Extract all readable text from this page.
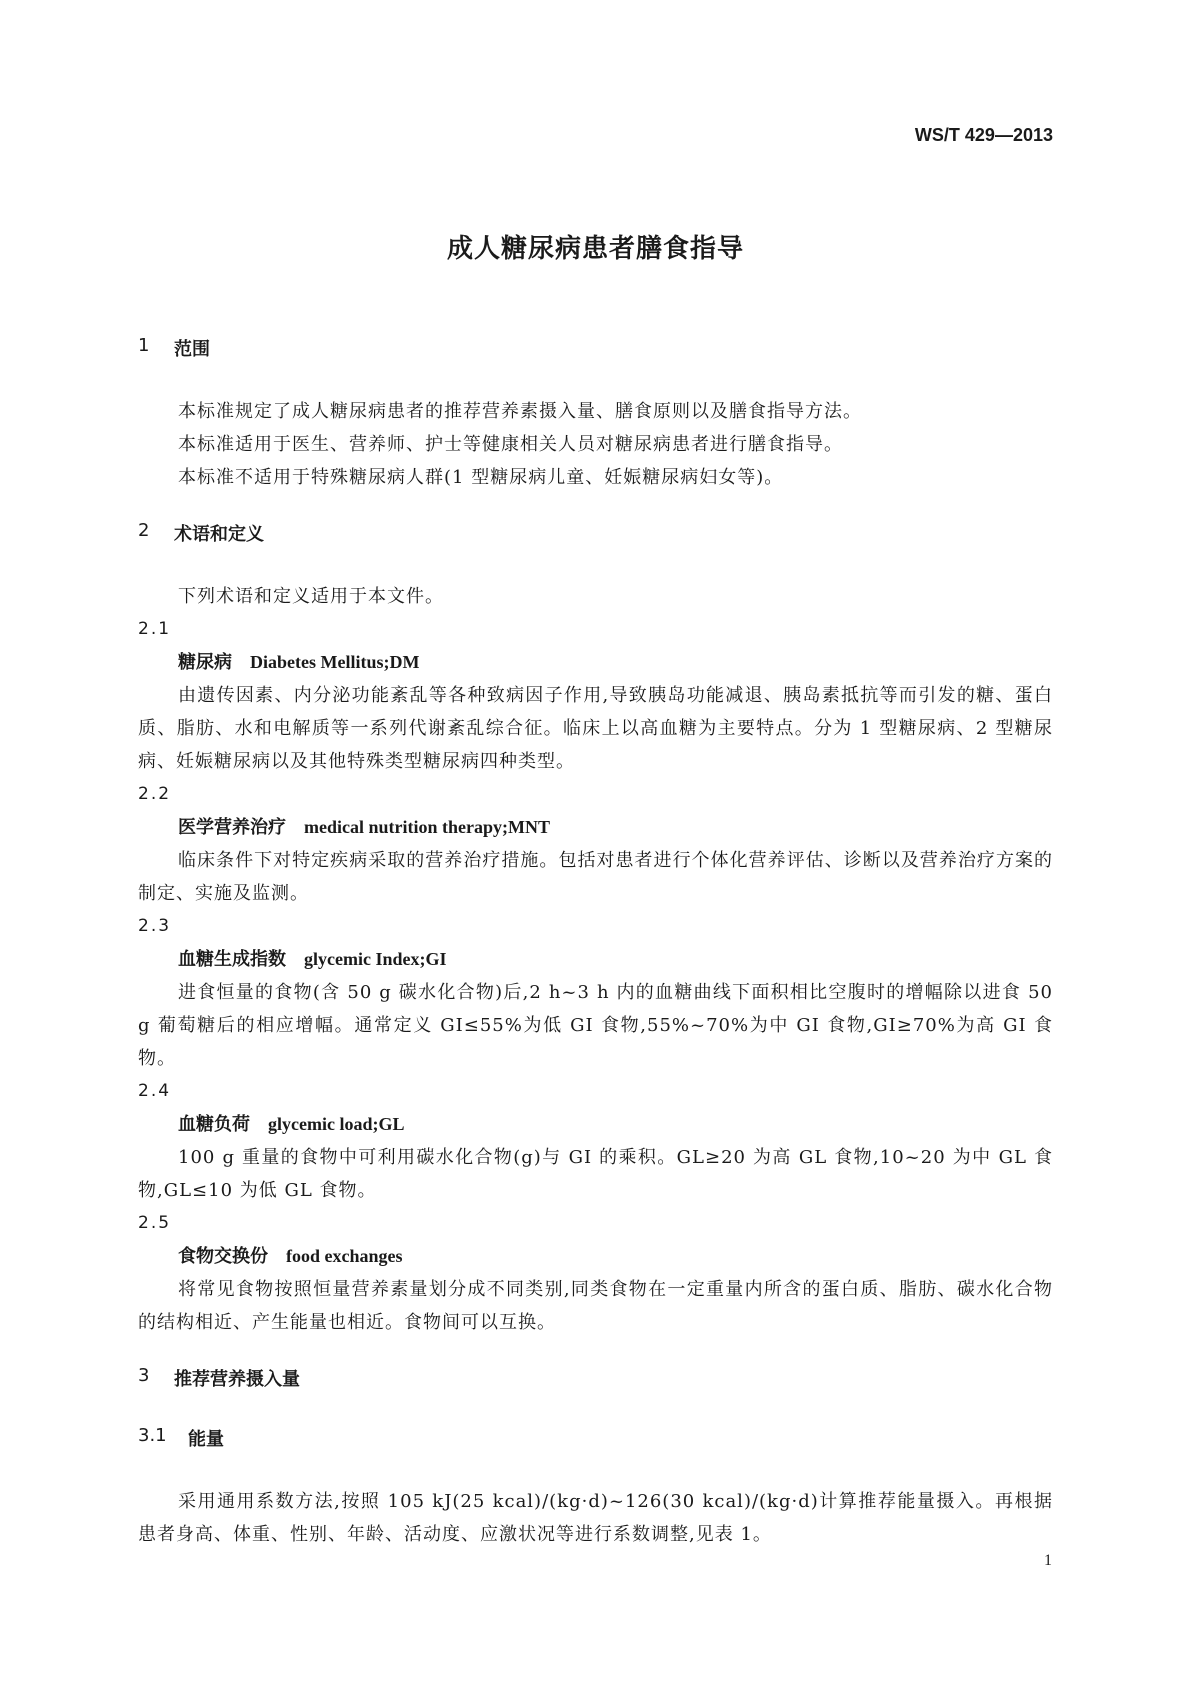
WS/T 429—2013
成人糖尿病患者膳食指导
1	范围

本标准规定了成人糖尿病患者的推荐营养素摄入量、膳食原则以及膳食指导方法。

本标准适用于医生、营养师、护士等健康相关人员对糖尿病患者进行膳食指导。

本标准不适用于特殊糖尿病人群(1 型糖尿病儿童、妊娠糖尿病妇女等)。

2	术语和定义

下列术语和定义适用于本文件。

2.1
糖尿病 Diabetes Mellitus;DM

由遗传因素、内分泌功能紊乱等各种致病因子作用,导致胰岛功能减退、胰岛素抵抗等而引发的糖、蛋白质、脂肪、水和电解质等一系列代谢紊乱综合征。临床上以高血糖为主要特点。分为 1 型糖尿病、2 型糖尿病、妊娠糖尿病以及其他特殊类型糖尿病四种类型。

2.2
医学营养治疗 medical nutrition therapy;MNT

临床条件下对特定疾病采取的营养治疗措施。包括对患者进行个体化营养评估、诊断以及营养治疗方案的制定、实施及监测。

2.3
血糖生成指数 glycemic Index;GI

进食恒量的食物(含 50 g 碳水化合物)后,2 h~3 h 内的血糖曲线下面积相比空腹时的增幅除以进食 50 g 葡萄糖后的相应增幅。通常定义 GI≤55%为低 GI 食物,55%~70%为中 GI 食物,GI≥70%为高 GI 食物。

2.4
血糖负荷 glycemic load;GL

100 g 重量的食物中可利用碳水化合物(g)与 GI 的乘积。GL≥20 为高 GL 食物,10~20 为中 GL 食物,GL≤10 为低 GL 食物。

2.5
食物交换份 food exchanges

将常见食物按照恒量营养素量划分成不同类别,同类食物在一定重量内所含的蛋白质、脂肪、碳水化合物的结构相近、产生能量也相近。食物间可以互换。

3	推荐营养摄入量
3.1	能量

采用通用系数方法,按照 105 kJ(25 kcal)/(kg·d)~126(30 kcal)/(kg·d)计算推荐能量摄入。再根据患者身高、体重、性别、年龄、活动度、应激状况等进行系数调整,见表 1。

1
